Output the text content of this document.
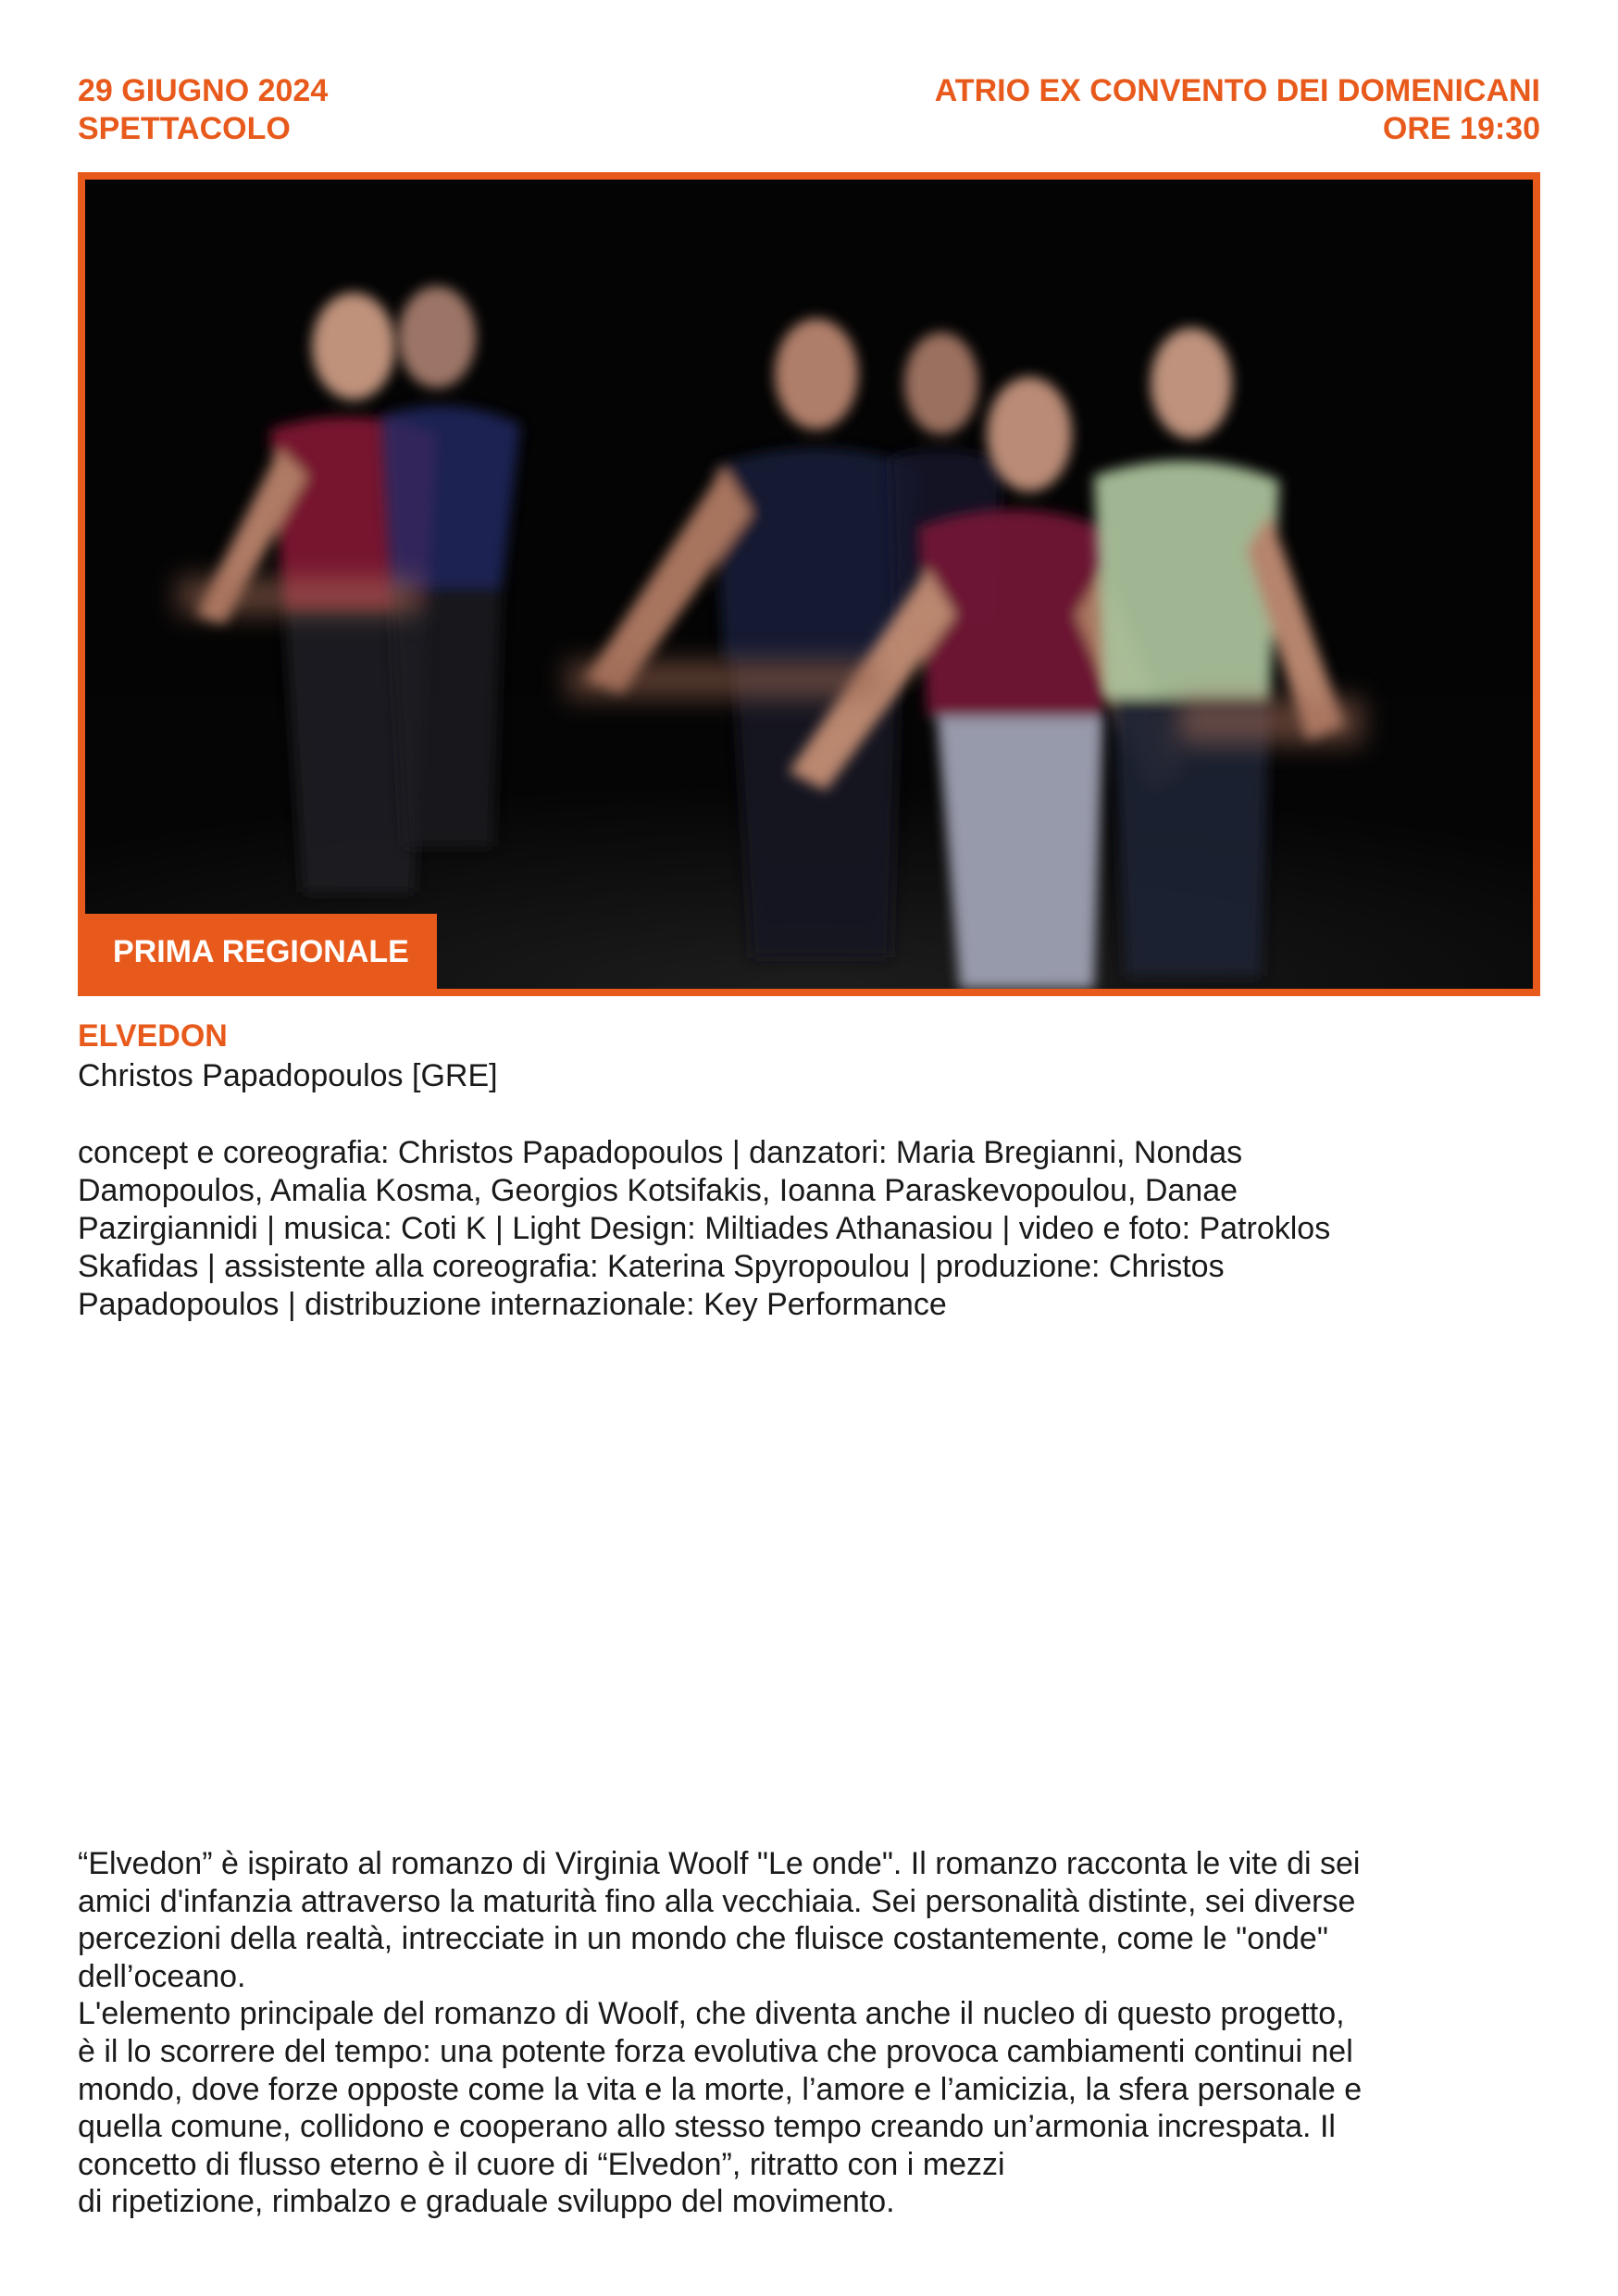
29 GIUGNO 2024
SPETTACOLO
ATRIO EX CONVENTO DEI DOMENICANI
ORE 19:30
PRIMA REGIONALE
ELVEDON
Christos Papadopoulos [GRE]
concept e coreografia: Christos Papadopoulos | danzatori: Maria Bregianni, Nondas
Damopoulos, Amalia Kosma, Georgios Kotsifakis, Ioanna Paraskevopoulou, Danae
Pazirgiannidi | musica: Coti K | Light Design: Miltiades Athanasiou | video e foto: Patroklos
Skafidas | assistente alla coreografia: Katerina Spyropoulou | produzione: Christos
Papadopoulos | distribuzione internazionale: Key Performance
“Elvedon” è ispirato al romanzo di Virginia Woolf "Le onde". Il romanzo racconta le vite di sei
amici d'infanzia attraverso la maturità fino alla vecchiaia. Sei personalità distinte, sei diverse
percezioni della realtà, intrecciate in un mondo che fluisce costantemente, come le "onde"
dell’oceano.
L'elemento principale del romanzo di Woolf, che diventa anche il nucleo di questo progetto,
è il lo scorrere del tempo: una potente forza evolutiva che provoca cambiamenti continui nel
mondo, dove forze opposte come la vita e la morte, l’amore e l’amicizia, la sfera personale e
quella comune, collidono e cooperano allo stesso tempo creando un’armonia increspata. Il
concetto di flusso eterno è il cuore di “Elvedon”, ritratto con i mezzi
di ripetizione, rimbalzo e graduale sviluppo del movimento.
